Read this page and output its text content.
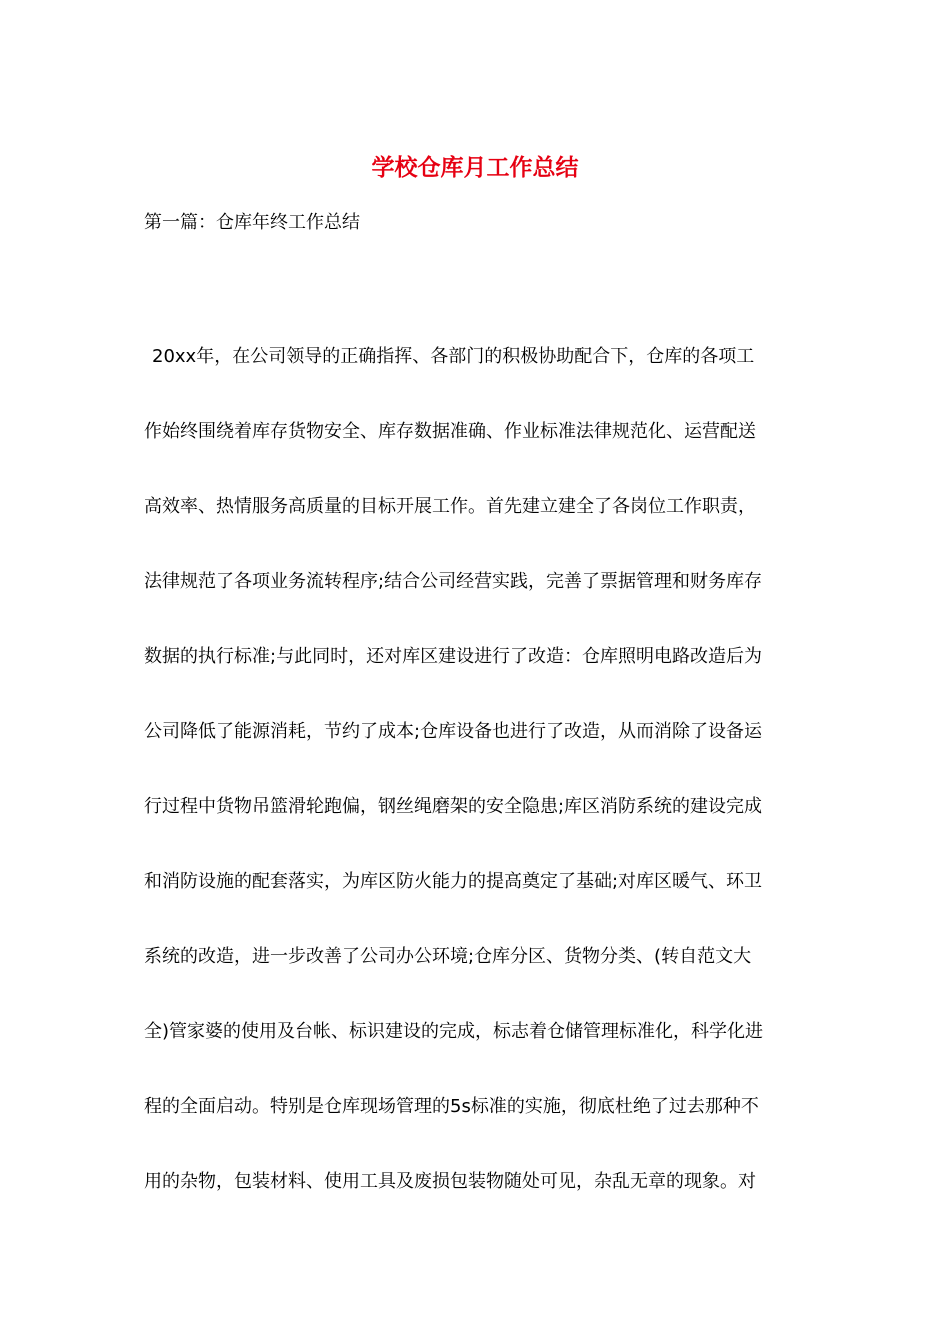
学校仓库月工作总结

第一篇：仓库年终工作总结

20xx年，在公司领导的正确指挥、各部门的积极协助配合下，仓库的各项工
作始终围绕着库存货物安全、库存数据准确、作业标准法律规范化、运营配送
高效率、热情服务高质量的目标开展工作。首先建立建全了各岗位工作职责，
法律规范了各项业务流转程序;结合公司经营实践，完善了票据管理和财务库存
数据的执行标准;与此同时，还对库区建设进行了改造：仓库照明电路改造后为
公司降低了能源消耗，节约了成本;仓库设备也进行了改造，从而消除了设备运
行过程中货物吊篮滑轮跑偏，钢丝绳磨架的安全隐患;库区消防系统的建设完成
和消防设施的配套落实，为库区防火能力的提高奠定了基础;对库区暖气、环卫
系统的改造，进一步改善了公司办公环境;仓库分区、货物分类、(转自范文大
全)管家婆的使用及台帐、标识建设的完成，标志着仓储管理标准化，科学化进
程的全面启动。特别是仓库现场管理的5s标准的实施，彻底杜绝了过去那种不
用的杂物，包装材料、使用工具及废损包装物随处可见，杂乱无章的现象。对
